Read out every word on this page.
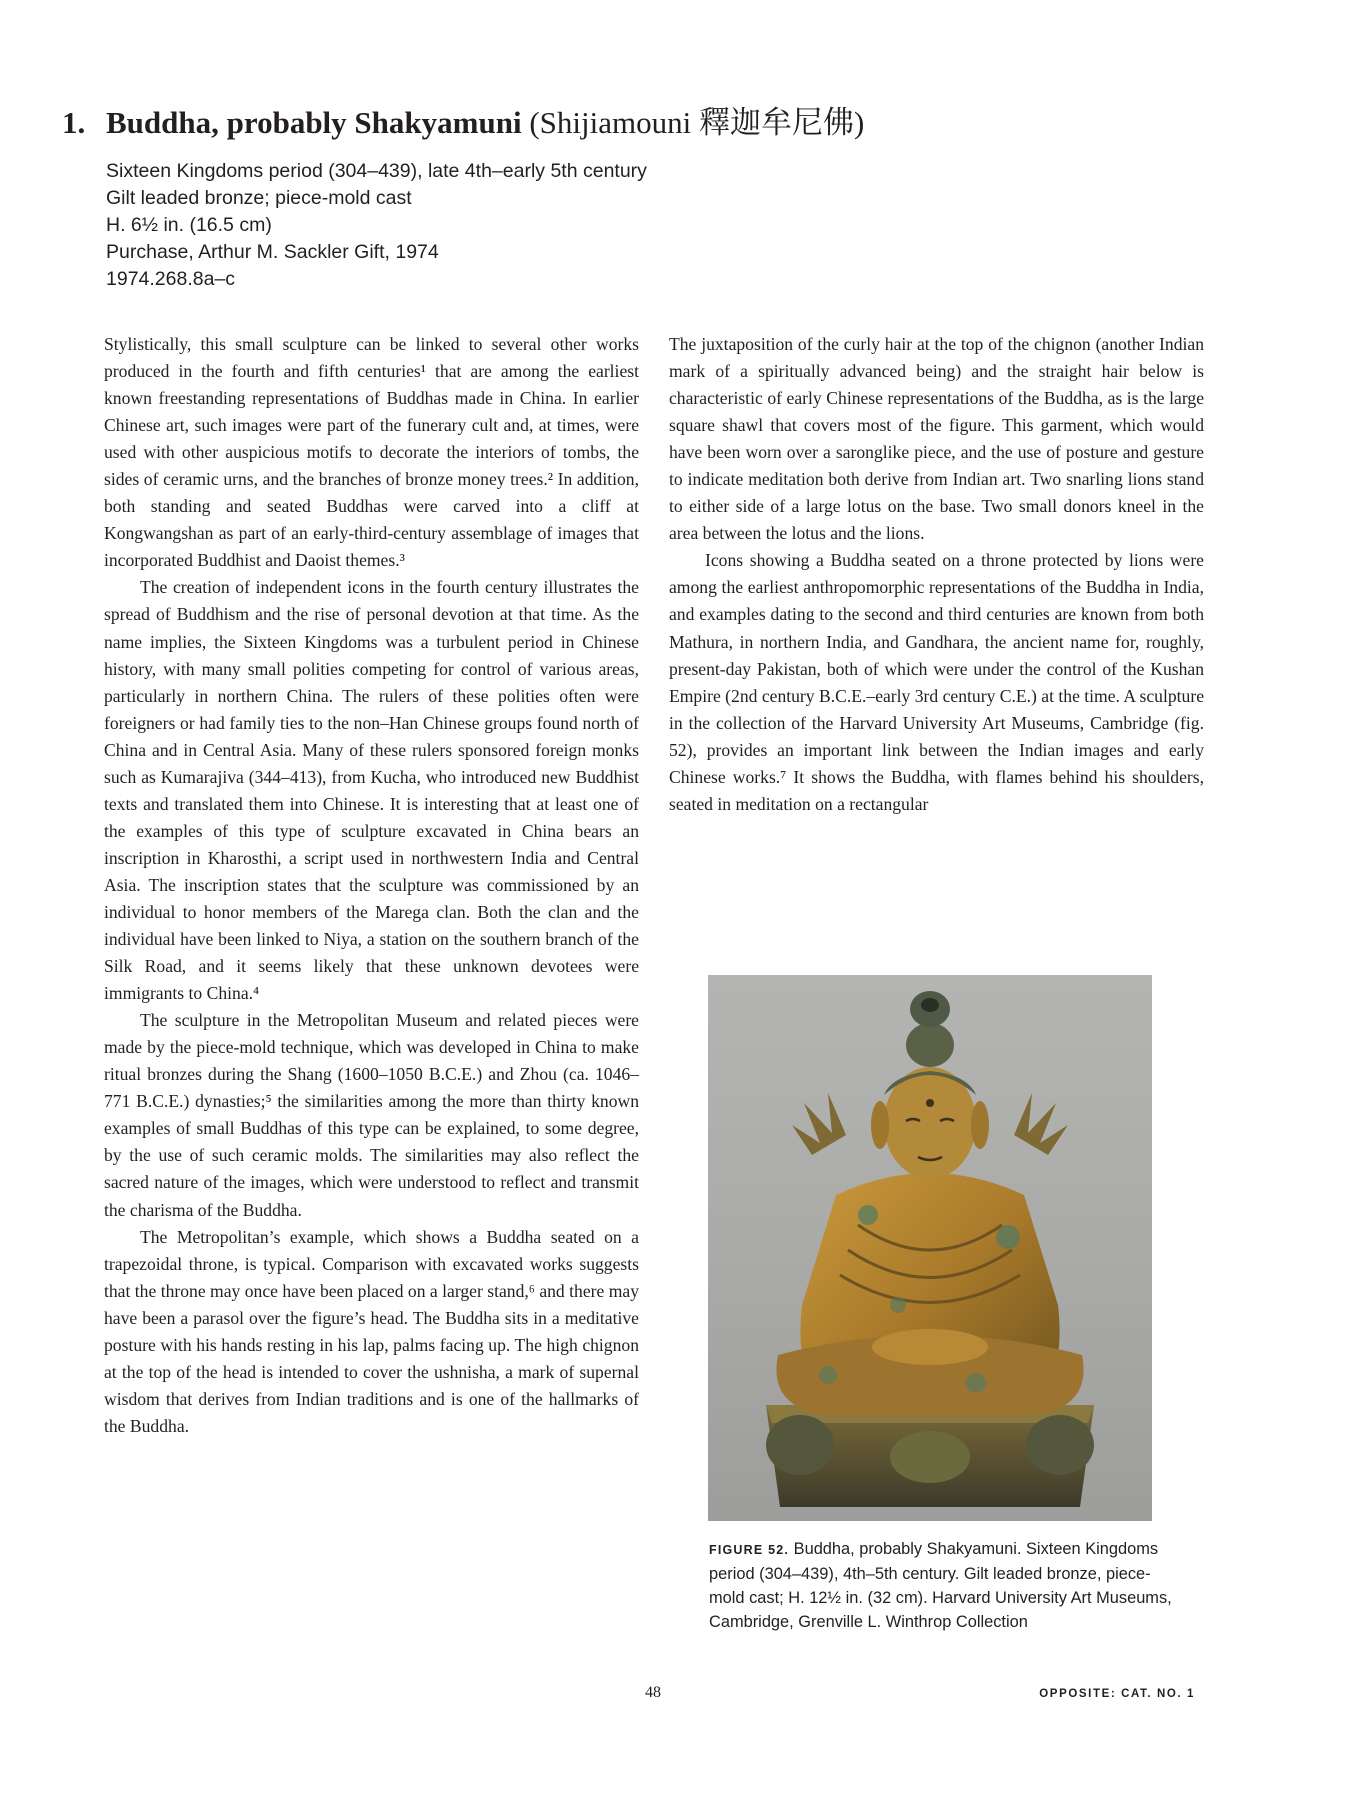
1. Buddha, probably Shakyamuni (Shijiamouni 釋迦牟尼佛)
Sixteen Kingdoms period (304–439), late 4th–early 5th century
Gilt leaded bronze; piece-mold cast
H. 6½ in. (16.5 cm)
Purchase, Arthur M. Sackler Gift, 1974
1974.268.8a–c

Stylistically, this small sculpture can be linked to several other works produced in the fourth and fifth centuries¹ that are among the earliest known freestanding representations of Buddhas made in China. In earlier Chinese art, such images were part of the funerary cult and, at times, were used with other auspicious motifs to decorate the interiors of tombs, the sides of ceramic urns, and the branches of bronze money trees.² In addition, both standing and seated Buddhas were carved into a cliff at Kongwangshan as part of an early-third-century assemblage of images that incorporated Buddhist and Daoist themes.³

The creation of independent icons in the fourth century illustrates the spread of Buddhism and the rise of personal devotion at that time. As the name implies, the Sixteen Kingdoms was a turbulent period in Chinese history, with many small polities competing for control of various areas, particularly in northern China. The rulers of these polities often were foreigners or had family ties to the non–Han Chinese groups found north of China and in Central Asia. Many of these rulers sponsored foreign monks such as Kumarajiva (344–413), from Kucha, who introduced new Buddhist texts and translated them into Chinese. It is interesting that at least one of the examples of this type of sculpture excavated in China bears an inscription in Kharosthi, a script used in northwestern India and Central Asia. The inscription states that the sculpture was commissioned by an individual to honor members of the Marega clan. Both the clan and the individual have been linked to Niya, a station on the southern branch of the Silk Road, and it seems likely that these unknown devotees were immigrants to China.⁴

The sculpture in the Metropolitan Museum and related pieces were made by the piece-mold technique, which was developed in China to make ritual bronzes during the Shang (1600–1050 B.C.E.) and Zhou (ca. 1046–771 B.C.E.) dynasties;⁵ the similarities among the more than thirty known examples of small Buddhas of this type can be explained, to some degree, by the use of such ceramic molds. The similarities may also reflect the sacred nature of the images, which were understood to reflect and transmit the charisma of the Buddha.

The Metropolitan’s example, which shows a Buddha seated on a trapezoidal throne, is typical. Comparison with excavated works suggests that the throne may once have been placed on a larger stand,⁶ and there may have been a parasol over the figure’s head. The Buddha sits in a meditative posture with his hands resting in his lap, palms facing up. The high chignon at the top of the head is intended to cover the ushnisha, a mark of supernal wisdom that derives from Indian traditions and is one of the hallmarks of the Buddha.

The juxtaposition of the curly hair at the top of the chignon (another Indian mark of a spiritually advanced being) and the straight hair below is characteristic of early Chinese representations of the Buddha, as is the large square shawl that covers most of the figure. This garment, which would have been worn over a saronglike piece, and the use of posture and gesture to indicate meditation both derive from Indian art. Two snarling lions stand to either side of a large lotus on the base. Two small donors kneel in the area between the lotus and the lions.

Icons showing a Buddha seated on a throne protected by lions were among the earliest anthropomorphic representations of the Buddha in India, and examples dating to the second and third centuries are known from both Mathura, in northern India, and Gandhara, the ancient name for, roughly, present-day Pakistan, both of which were under the control of the Kushan Empire (2nd century B.C.E.–early 3rd century C.E.) at the time. A sculpture in the collection of the Harvard University Art Museums, Cambridge (fig. 52), provides an important link between the Indian images and early Chinese works.⁷ It shows the Buddha, with flames behind his shoulders, seated in meditation on a rectangular

FIGURE 52. Buddha, probably Shakyamuni. Sixteen Kingdoms
period (304–439), 4th–5th century. Gilt leaded bronze, piece-
mold cast; H. 12½ in. (32 cm). Harvard University Art Museums,
Cambridge, Grenville L. Winthrop Collection
48	OPPOSITE: CAT. NO. 1
